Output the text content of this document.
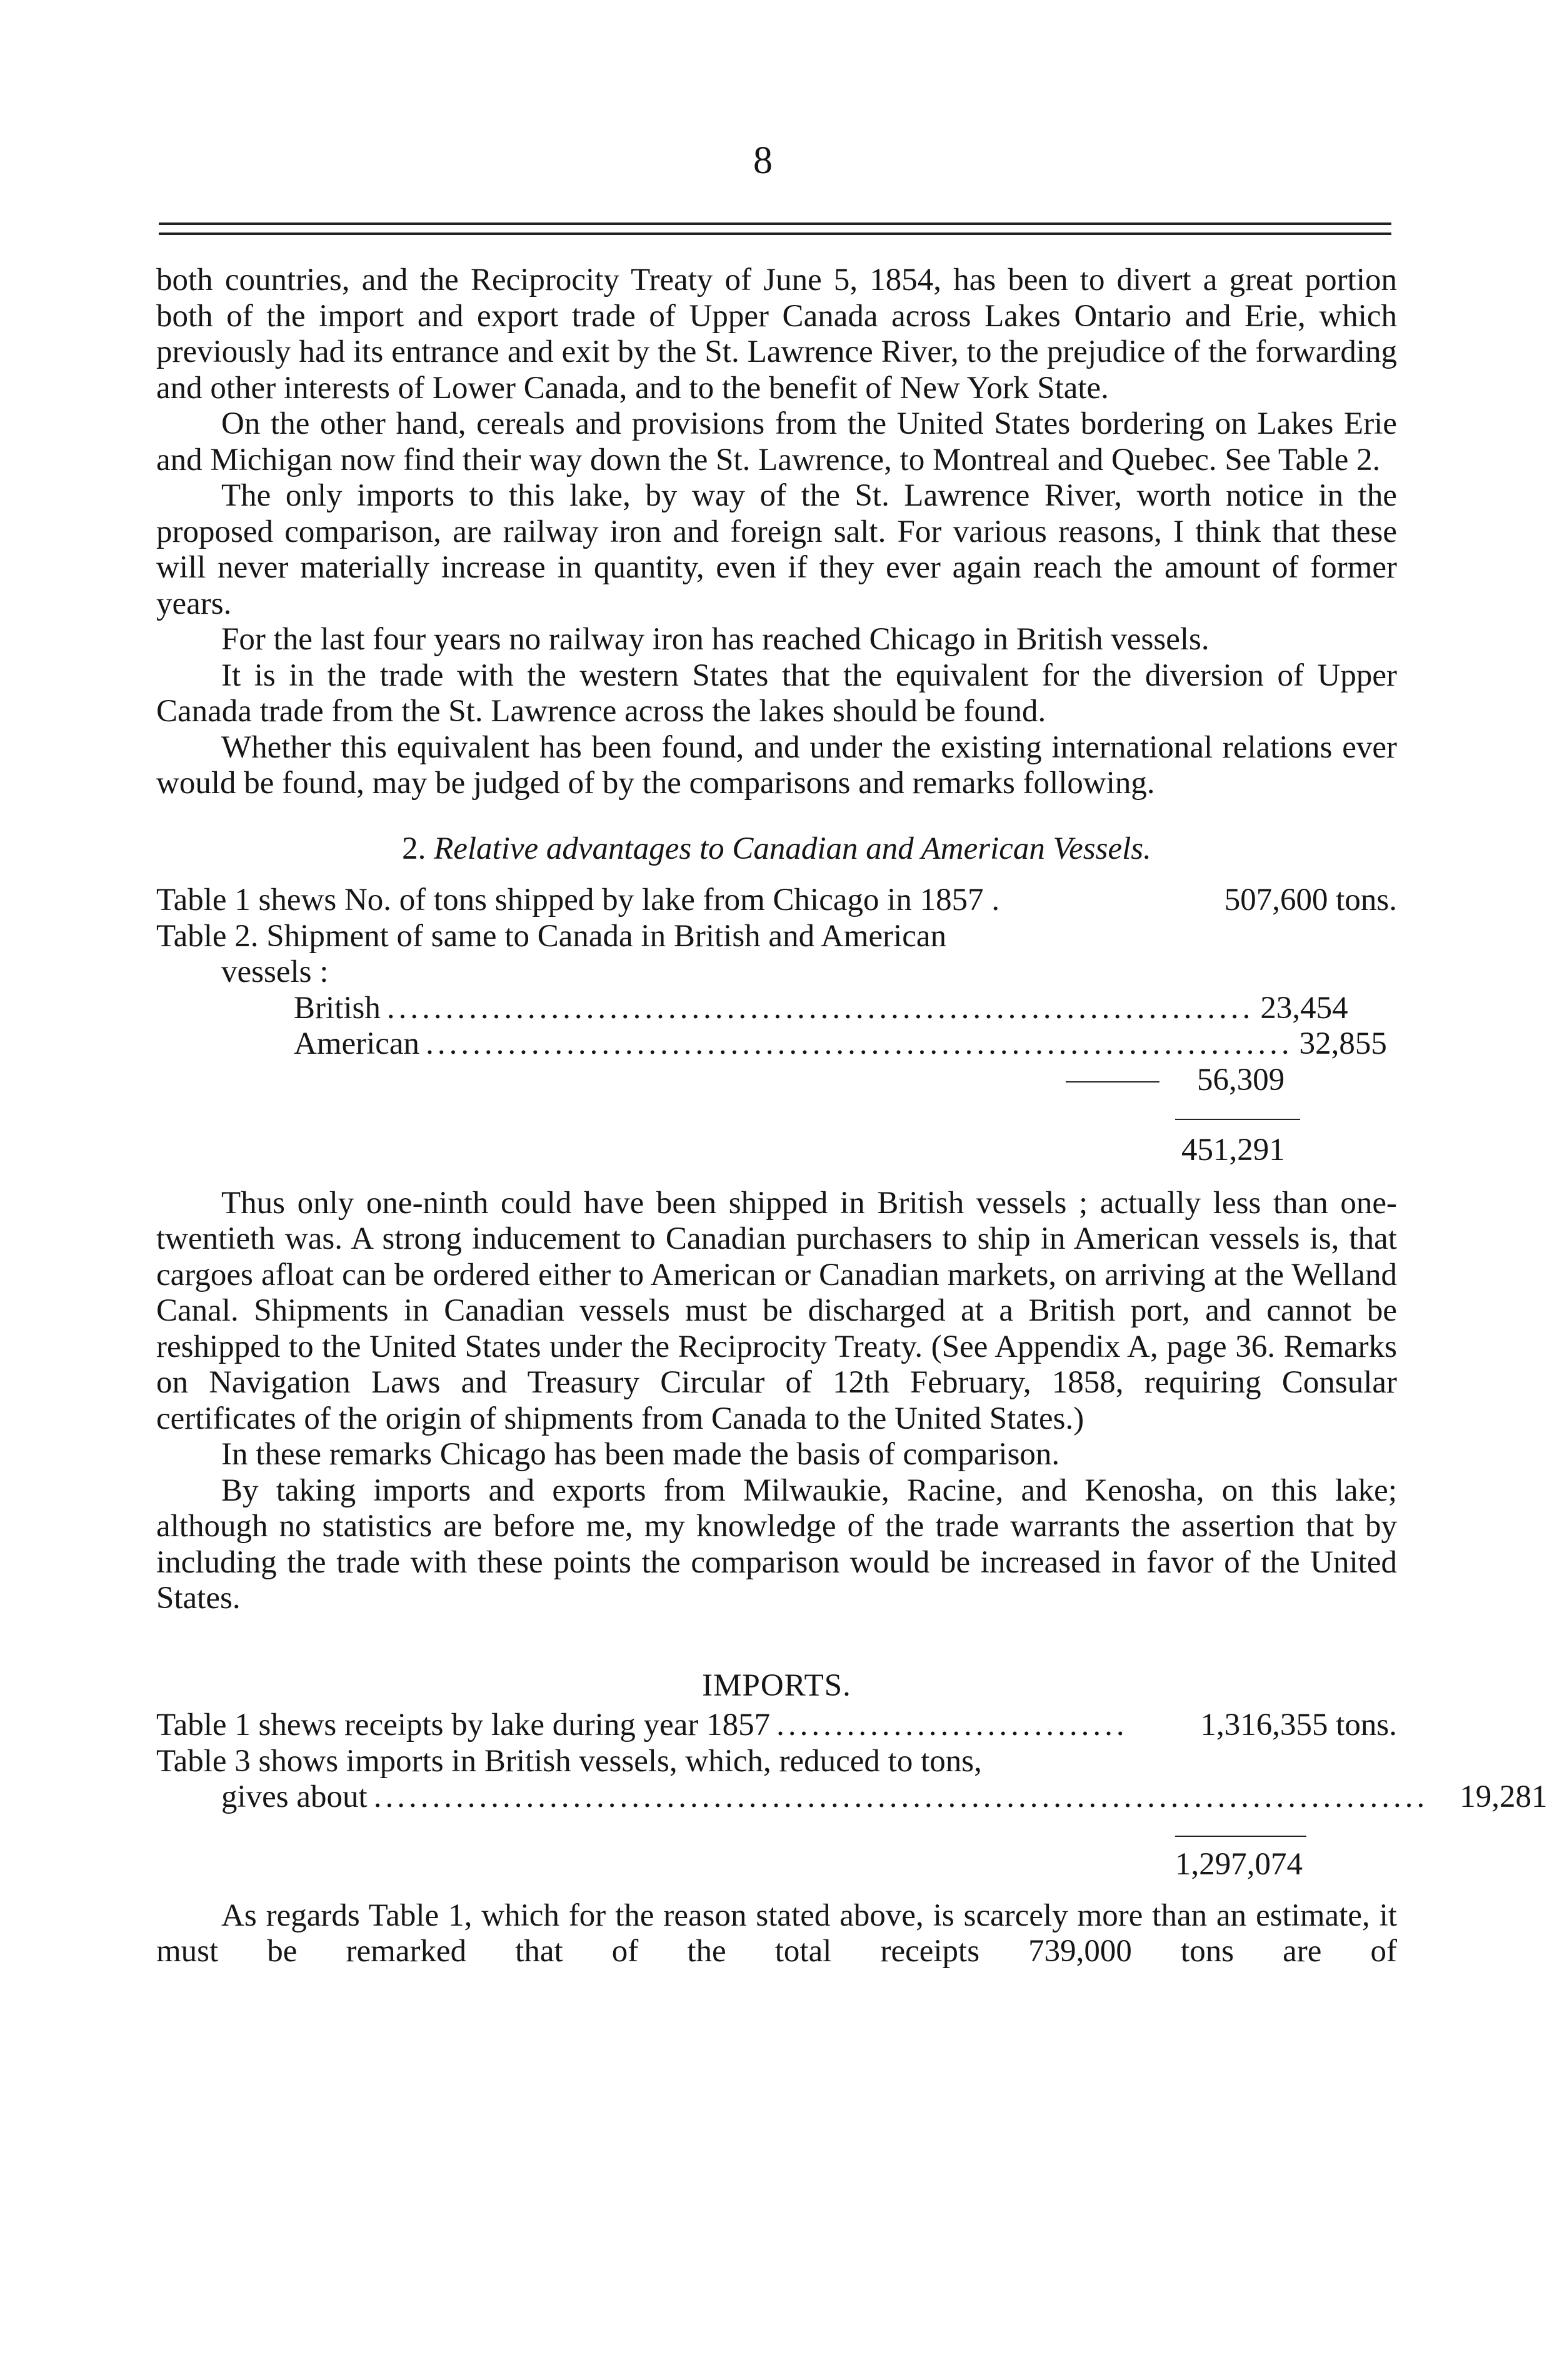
8

both countries, and the Reciprocity Treaty of June 5, 1854, has been to divert a great portion both of the import and export trade of Upper Canada across Lakes Ontario and Erie, which previously had its entrance and exit by the St. Lawrence River, to the prejudice of the forwarding and other interests of Lower Canada, and to the benefit of New York State.

On the other hand, cereals and provisions from the United States bordering on Lakes Erie and Michigan now find their way down the St. Lawrence, to Montreal and Quebec. See Table 2.

The only imports to this lake, by way of the St. Lawrence River, worth notice in the proposed comparison, are railway iron and foreign salt. For various reasons, I think that these will never materially increase in quantity, even if they ever again reach the amount of former years.

For the last four years no railway iron has reached Chicago in British vessels.

It is in the trade with the western States that the equivalent for the diversion of Upper Canada trade from the St. Lawrence across the lakes should be found.

Whether this equivalent has been found, and under the existing international relations ever would be found, may be judged of by the comparisons and remarks following.

2. Relative advantages to Canadian and American Vessels.
Table 1 shews No. of tons shipped by lake from Chicago in 1857 .	507,600 tons.
Table 2. Shipment of same to Canada in British and American
vessels :
British .......................................................................... 23,454
American .......................................................................... 32,855
56,309
451,291

Thus only one-ninth could have been shipped in British vessels ; actually less than one-twentieth was. A strong inducement to Canadian purchasers to ship in American vessels is, that cargoes afloat can be ordered either to American or Canadian markets, on arriving at the Welland Canal. Shipments in Canadian vessels must be discharged at a British port, and cannot be reshipped to the United States under the Reciprocity Treaty. (See Appendix A, page 36. Remarks on Navigation Laws and Treasury Circular of 12th February, 1858, requiring Consular certificates of the origin of shipments from Canada to the United States.)

In these remarks Chicago has been made the basis of comparison.

By taking imports and exports from Milwaukie, Racine, and Kenosha, on this lake; although no statistics are before me, my knowledge of the trade warrants the assertion that by including the trade with these points the comparison would be increased in favor of the United States.

IMPORTS.
Table 1 shews receipts by lake during year 1857 ..............................	1,316,355 tons.
Table 3 shows imports in British vessels, which, reduced to tons,
gives about .......................................................................................... 19,281
1,297,074

As regards Table 1, which for the reason stated above, is scarcely more than an estimate, it must be remarked that of the total receipts 739,000 tons are of
